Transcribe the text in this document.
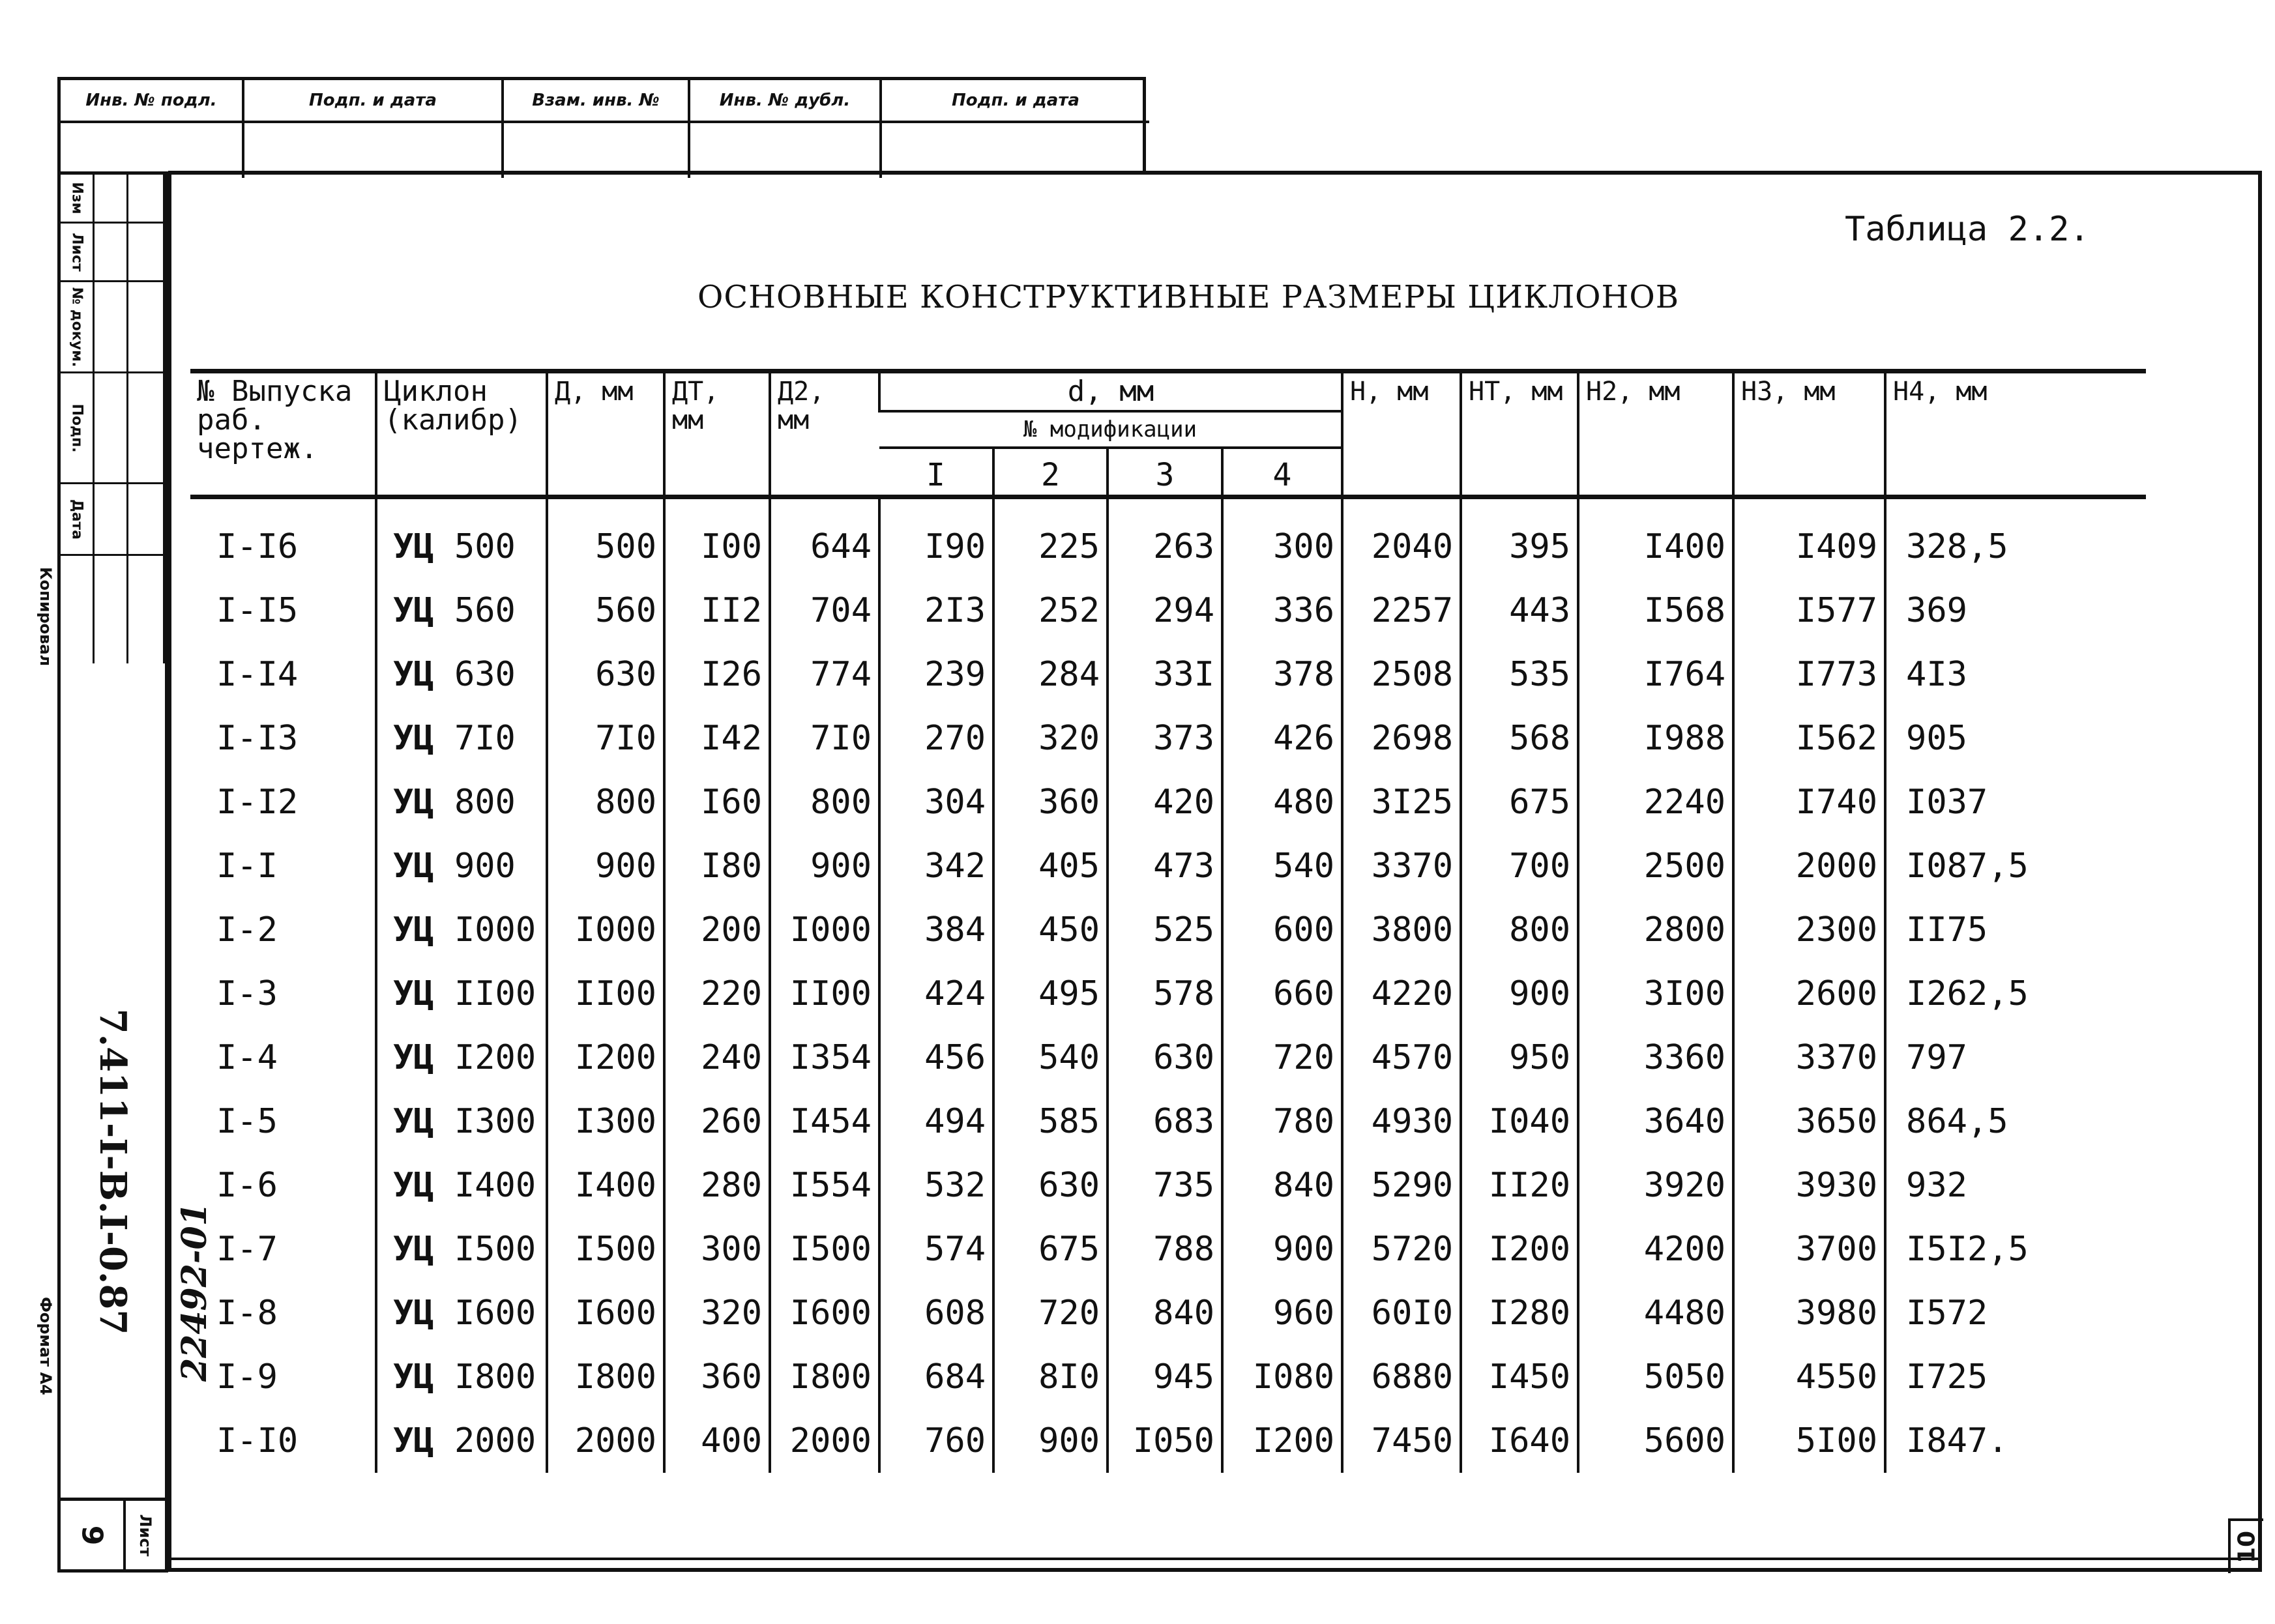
Инв. № подл.	Подп. и дата	Взам. инв. №	Инв. № дубл.	Подп. и дата
Изм
Лист
№ докум.
Подп.
Дата
7.411-I-B.I-0.87
9 Лист
Копировал
Формат А4	22492-01
Таблица 2.2.
ОСНОВНЫЕ КОНСТРУКТИВНЫЕ РАЗМЕРЫ ЦИКЛОНОВ
№ Выпуска раб. чертеж.	Циклон (калибр)	Д, мм	ДT, мм	Д2, мм	d, мм				Н, мм	НT, мм	Н2, мм	Н3, мм	Н4, мм
					№ модификации								
					I	2	3	4					
I-I6	УЦ 500	500	I00	644	I90	225	263	300	2040	395	I400	I409	328,5
I-I5	УЦ 560	560	II2	704	2I3	252	294	336	2257	443	I568	I577	369
I-I4	УЦ 630	630	I26	774	239	284	33I	378	2508	535	I764	I773	4I3
I-I3	УЦ 7I0	7I0	I42	7I0	270	320	373	426	2698	568	I988	I562	905
I-I2	УЦ 800	800	I60	800	304	360	420	480	3I25	675	2240	I740	I037
I-I	УЦ 900	900	I80	900	342	405	473	540	3370	700	2500	2000	I087,5
I-2	УЦ I000	I000	200	I000	384	450	525	600	3800	800	2800	2300	II75
I-3	УЦ II00	II00	220	II00	424	495	578	660	4220	900	3I00	2600	I262,5
I-4	УЦ I200	I200	240	I354	456	540	630	720	4570	950	3360	3370	797
I-5	УЦ I300	I300	260	I454	494	585	683	780	4930	I040	3640	3650	864,5
I-6	УЦ I400	I400	280	I554	532	630	735	840	5290	II20	3920	3930	932
I-7	УЦ I500	I500	300	I500	574	675	788	900	5720	I200	4200	3700	I5I2,5
I-8	УЦ I600	I600	320	I600	608	720	840	960	60I0	I280	4480	3980	I572
I-9	УЦ I800	I800	360	I800	684	8I0	945	I080	6880	I450	5050	4550	I725
I-I0	УЦ 2000	2000	400	2000	760	900	I050	I200	7450	I640	5600	5I00	I847.
10
